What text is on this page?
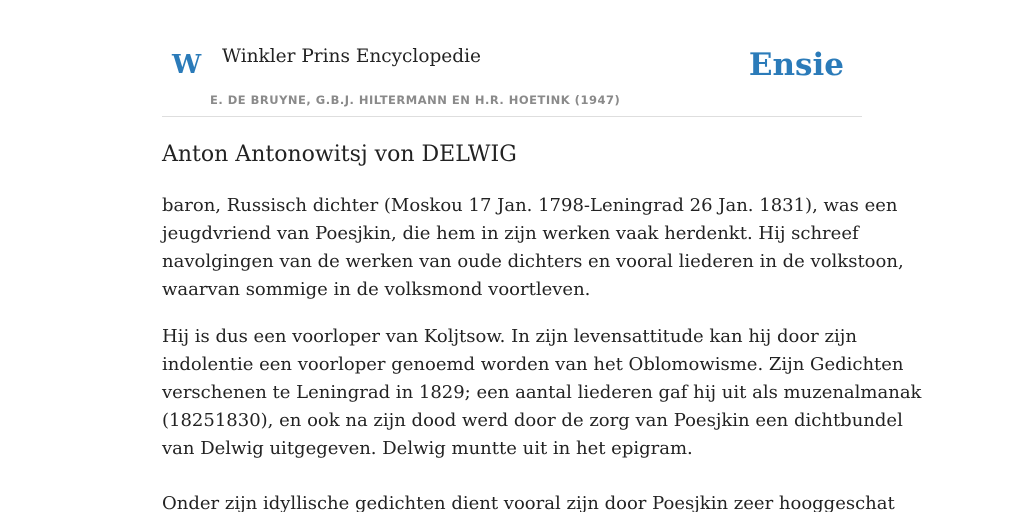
W Winkler Prins Encyclopedie
E. DE BRUYNE, G.B.J. HILTERMANN EN H.R. HOETINK (1947)
Ensie
Anton Antonowitsj von DELWIG

baron, Russisch dichter (Moskou 17 Jan. 1798-Leningrad 26 Jan. 1831), was een
jeugdvriend van Poesjkin, die hem in zijn werken vaak herdenkt. Hij schreef
navolgingen van de werken van oude dichters en vooral liederen in de volkstoon,
waarvan sommige in de volksmond voortleven.

Hij is dus een voorloper van Koljtsow. In zijn levensattitude kan hij door zijn
indolentie een voorloper genoemd worden van het Oblomowisme. Zijn Gedichten
verschenen te Leningrad in 1829; een aantal liederen gaf hij uit als muzenalmanak
(18251830), en ook na zijn dood werd door de zorg van Poesjkin een dichtbundel
van Delwig uitgegeven. Delwig muntte uit in het epigram.

Onder zijn idyllische gedichten dient vooral zijn door Poesjkin zeer hooggeschat
